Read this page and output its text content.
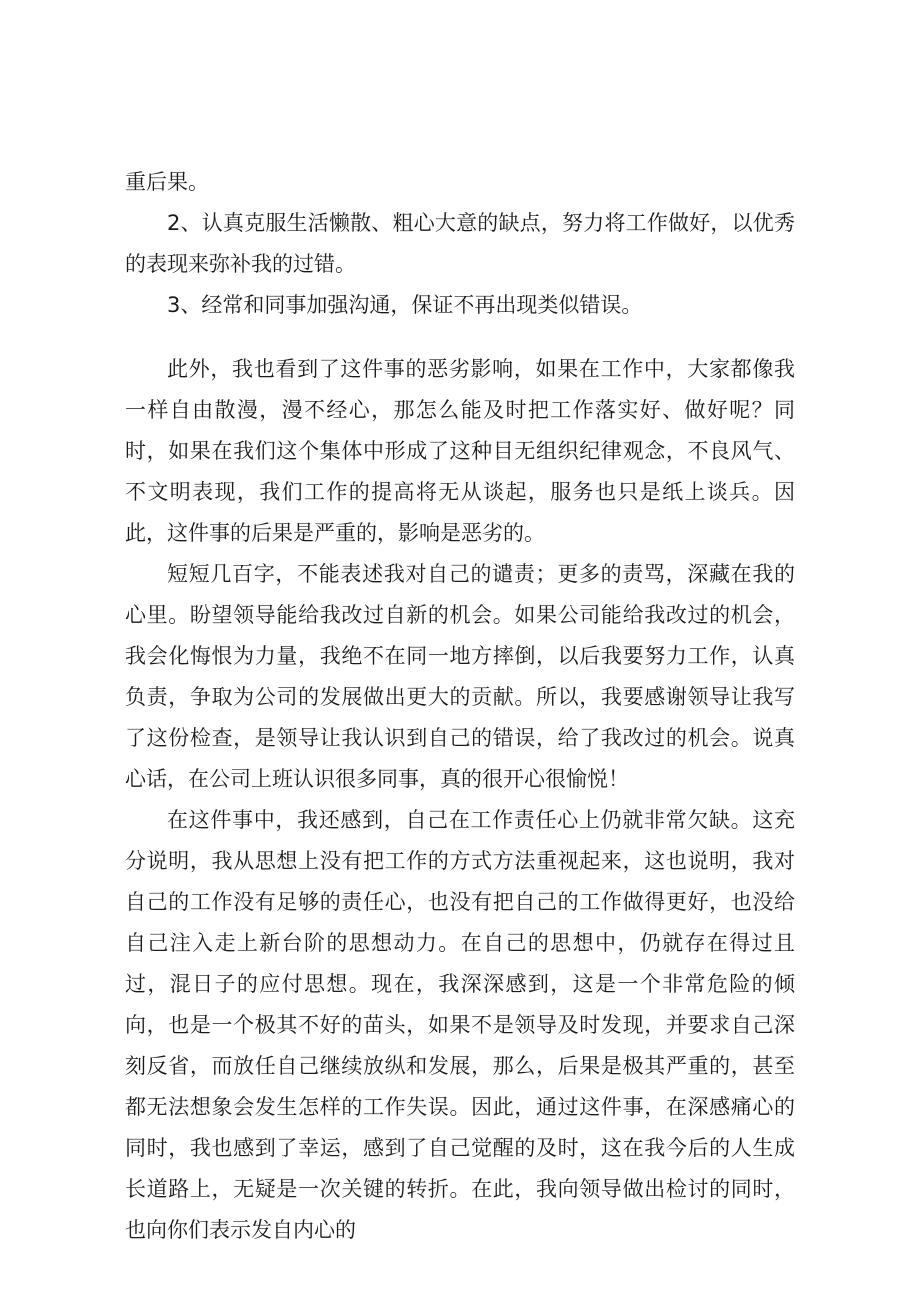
重后果。

2、认真克服生活懒散、粗心大意的缺点，努力将工作做好，以优秀的表现来弥补我的过错。

3、经常和同事加强沟通，保证不再出现类似错误。

此外，我也看到了这件事的恶劣影响，如果在工作中，大家都像我一样自由散漫，漫不经心，那怎么能及时把工作落实好、做好呢？同时，如果在我们这个集体中形成了这种目无组织纪律观念，不良风气、不文明表现，我们工作的提高将无从谈起，服务也只是纸上谈兵。因此，这件事的后果是严重的，影响是恶劣的。

短短几百字，不能表述我对自己的谴责；更多的责骂，深藏在我的心里。盼望领导能给我改过自新的机会。如果公司能给我改过的机会，我会化悔恨为力量，我绝不在同一地方摔倒，以后我要努力工作，认真负责，争取为公司的发展做出更大的贡献。所以，我要感谢领导让我写了这份检查，是领导让我认识到自己的错误，给了我改过的机会。说真心话，在公司上班认识很多同事，真的很开心很愉悦！

在这件事中，我还感到，自己在工作责任心上仍就非常欠缺。这充分说明，我从思想上没有把工作的方式方法重视起来，这也说明，我对自己的工作没有足够的责任心，也没有把自己的工作做得更好，也没给自己注入走上新台阶的思想动力。在自己的思想中，仍就存在得过且过，混日子的应付思想。现在，我深深感到，这是一个非常危险的倾向，也是一个极其不好的苗头，如果不是领导及时发现，并要求自己深刻反省，而放任自己继续放纵和发展，那么，后果是极其严重的，甚至都无法想象会发生怎样的工作失误。因此，通过这件事，在深感痛心的同时，我也感到了幸运，感到了自己觉醒的及时，这在我今后的人生成长道路上，无疑是一次关键的转折。在此，我向领导做出检讨的同时，也向你们表示发自内心的
